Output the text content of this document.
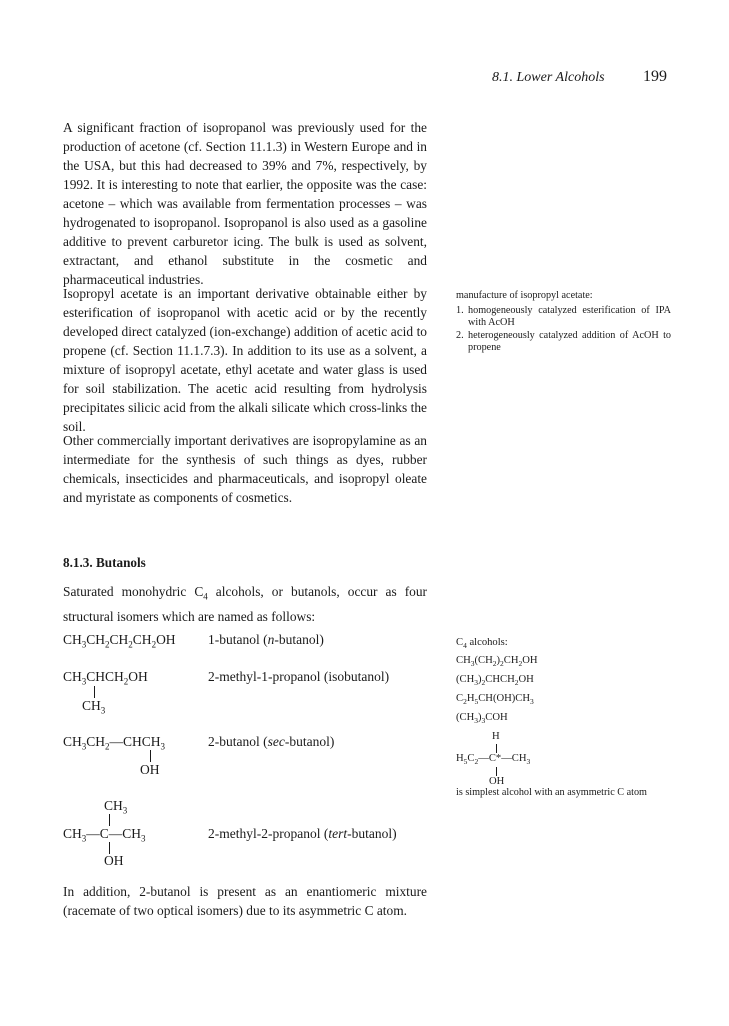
8.1. Lower Alcohols 199

A significant fraction of isopropanol was previously used for the production of acetone (cf. Section 11.1.3) in Western Europe and in the USA, but this had decreased to 39% and 7%, respectively, by 1992. It is interesting to note that earlier, the opposite was the case: acetone – which was available from fermentation processes – was hydrogenated to isopropanol. Isopropanol is also used as a gasoline additive to prevent carburetor icing. The bulk is used as solvent, extractant, and ethanol substitute in the cosmetic and pharmaceutical industries.

Isopropyl acetate is an important derivative obtainable either by esterification of isopropanol with acetic acid or by the recently developed direct catalyzed (ion-exchange) addition of acetic acid to propene (cf. Section 11.1.7.3). In addition to its use as a solvent, a mixture of isopropyl acetate, ethyl acetate and water glass is used for soil stabilization. The acetic acid resulting from hydrolysis precipitates silicic acid from the alkali silicate which cross-links the soil.

Other commercially important derivatives are isopropylamine as an intermediate for the synthesis of such things as dyes, rubber chemicals, insecticides and pharmaceuticals, and isopropyl oleate and myristate as components of cosmetics.

manufacture of isopropyl acetate:
1. homogeneously catalyzed esterification of IPA with AcOH
2. heterogeneously catalyzed addition of AcOH to propene
8.1.3. Butanols

Saturated monohydric $C_4$ alcohols, or butanols, occur as four structural isomers which are named as follows:

$CH_3CH_2CH_2CH_2OH$ 1-butanol (n-butanol)
$CH_3CHCH_2OH$
$CH_3$
2-methyl-1-propanol (isobutanol)
$CH_3CH_2—CHCH_3$
OH
2-butanol (sec-butanol)
$CH_3$
$CH_3—C—CH_3$
OH
2-methyl-2-propanol (tert-butanol)

In addition, 2-butanol is present as an enantiomeric mixture (racemate of two optical isomers) due to its asymmetric C atom.

$C_4$ alcohols:
$CH_3(CH_2)_2CH_2OH$
$(CH_3)_2CHCH_2OH$
$C_2H_5CH(OH)CH_3$
$(CH_3)_3COH$
H
$H_5C_2—C*—CH_3$
OH

is simplest alcohol with an asymmetric C atom
